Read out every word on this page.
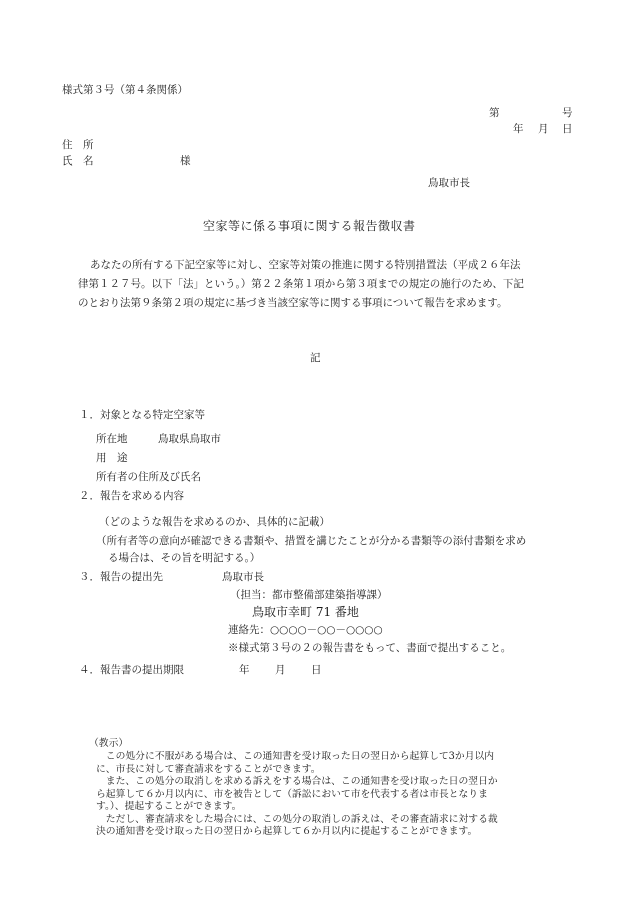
様式第３号（第４条関係）
第	号
年 月 日
住　所
氏　名	様
鳥取市長
空家等に係る事項に関する報告徴収書

あなたの所有する下記空家等に対し、空家等対策の推進に関する特別措置法（平成２６年法

律第１２７号。以下「法」という。）第２２条第１項から第３項までの規定の施行のため、下記

のとおり法第９条第２項の規定に基づき当該空家等に関する事項について報告を求めます。

記
１．対象となる特定空家等
所在地	鳥取県鳥取市
用　途
所有者の住所及び氏名
２．報告を求める内容
（どのような報告を求めるのか、具体的に記載）
（所有者等の意向が確認できる書類や、措置を講じたことが分かる書類等の添付書類を求め
る場合は、その旨を明記する。）
３．報告の提出先	鳥取市長
（担当：都市整備部建築指導課）
鳥取市幸町 71 番地
連絡先：○○○○－○○－○○○○
※様式第３号の２の報告書をもって、書面で提出すること。
４．報告書の提出期限	年 月 日
（教示）

　この処分に不服がある場合は、この通知書を受け取った日の翌日から起算して3か月以内

に、市長に対して審査請求をすることができます。

　また、この処分の取消しを求める訴えをする場合は、この通知書を受け取った日の翌日か

ら起算して６か月以内に、市を被告として（訴訟において市を代表する者は市長となりま

す。）、提起することができます。

　ただし、審査請求をした場合には、この処分の取消しの訴えは、その審査請求に対する裁

決の通知書を受け取った日の翌日から起算して６か月以内に提起することができます。
